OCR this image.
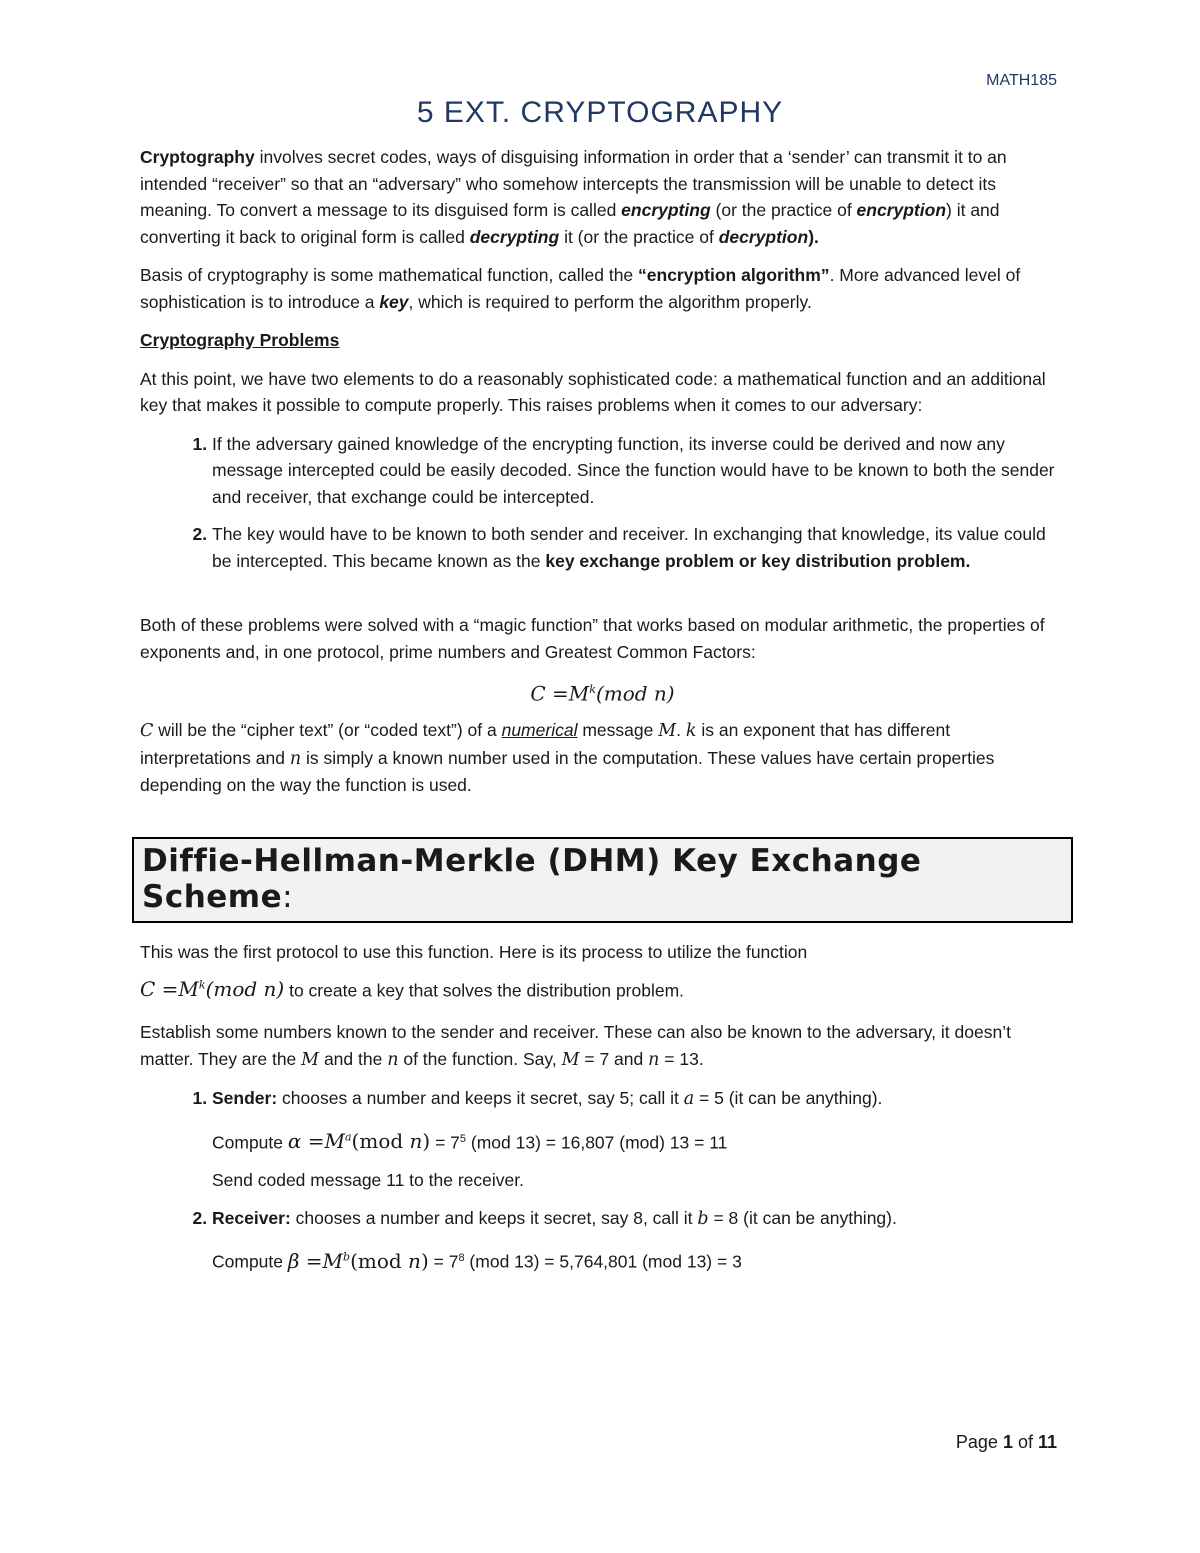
MATH185
5 EXT. CRYPTOGRAPHY

Cryptography involves secret codes, ways of disguising information in order that a ‘sender’ can transmit it to an intended “receiver” so that an “adversary” who somehow intercepts the transmission will be unable to detect its meaning. To convert a message to its disguised form is called encrypting (or the practice of encryption) it and converting it back to original form is called decrypting it (or the practice of decryption).

Basis of cryptography is some mathematical function, called the “encryption algorithm”. More advanced level of sophistication is to introduce a key, which is required to perform the algorithm properly.

Cryptography Problems

At this point, we have two elements to do a reasonably sophisticated code: a mathematical function and an additional key that makes it possible to compute properly. This raises problems when it comes to our adversary:

1. If the adversary gained knowledge of the encrypting function, its inverse could be derived and now any message intercepted could be easily decoded. Since the function would have to be known to both the sender and receiver, that exchange could be intercepted.
2. The key would have to be known to both sender and receiver. In exchanging that knowledge, its value could be intercepted. This became known as the key exchange problem or key distribution problem.

Both of these problems were solved with a “magic function” that works based on modular arithmetic, the properties of exponents and, in one protocol, prime numbers and Greatest Common Factors:

$C =M^k(mod$ n)

C will be the “cipher text” (or “coded text”) of a numerical message M. k is an exponent that has different interpretations and n is simply a known number used in the computation. These values have certain properties depending on the way the function is used.

Diffie-Hellman-Merkle (DHM) Key Exchange Scheme:

This was the first protocol to use this function. Here is its process to utilize the function
$C =M^k(mod$ n) to create a key that solves the distribution problem.

Establish some numbers known to the sender and receiver. These can also be known to the adversary, it doesn’t matter. They are the M and the n of the function. Say, M = 7 and n = 13.

1. Sender: chooses a number and keeps it secret, say 5; call it a = 5 (it can be anything).
Compute $\alpha =M^a(mod$ $n) = 7^5$ (mod 13) = 16,807 (mod) 13 = 11
Send coded message 11 to the receiver.
2. Receiver: chooses a number and keeps it secret, say 8, call it b = 8 (it can be anything).
Compute $\beta =M^b(mod$ $n) = 7^8$ (mod 13) = 5,764,801 (mod 13) = 3
Page 1 of 11
